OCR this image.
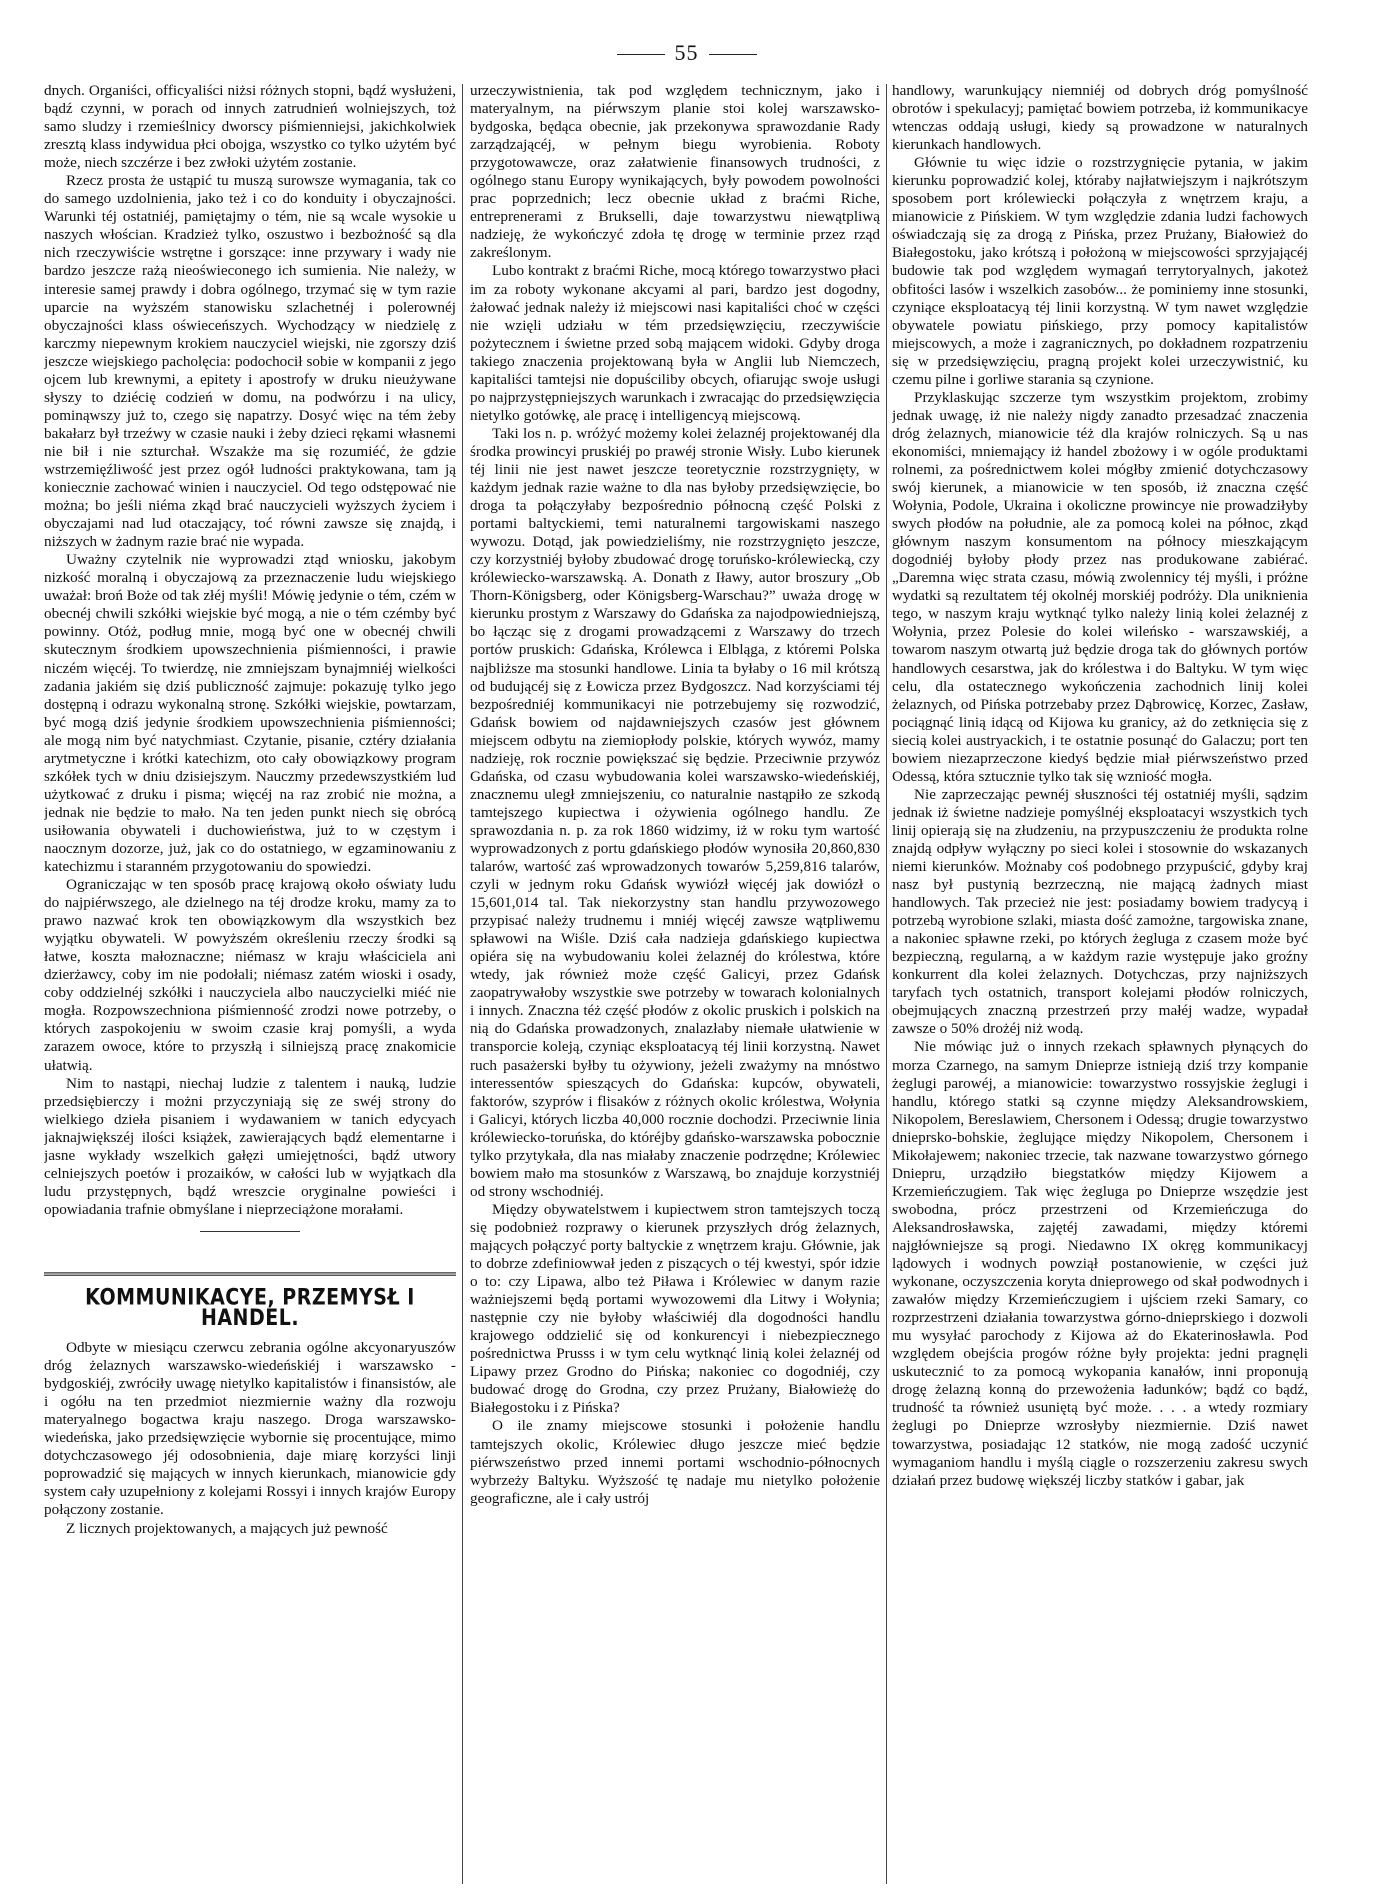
55

dnych. Organiści, officyaliści niżsi różnych stopni, bądź wysłużeni, bądź czynni, w porach od innych zatrudnień wolniejszych, toż samo sludzy i rzemieślnicy dworscy piśmienniejsi, jakichkolwiek zresztą klass indywidua płci obojga, wszystko co tylko użytém być może, niech szczérze i bez zwłoki użytém zostanie.

Rzecz prosta że ustąpić tu muszą surowsze wymagania, tak co do samego uzdolnienia, jako też i co do konduity i obyczajności. Warunki téj ostatniéj, pamiętajmy o tém, nie są wcale wysokie u naszych włościan. Kradzież tylko, oszustwo i bezbożność są dla nich rzeczywiście wstrętne i gorszące: inne przywary i wady nie bardzo jeszcze rażą nieoświeconego ich sumienia. Nie należy, w interesie samej prawdy i dobra ogólnego, trzymać się w tym razie uparcie na wyższém stanowisku szlachetnéj i polerownéj obyczajności klass oświeceńszych. Wychodzący w niedzielę z karczmy niepewnym krokiem nauczyciel wiejski, nie zgorszy dziś jeszcze wiejskiego pacholęcia: podochocił sobie w kompanii z jego ojcem lub krewnymi, a epitety i apostrofy w druku nieużywane słyszy to dziécię codzień w domu, na podwórzu i na ulicy, pominąwszy już to, czego się napatrzy. Dosyć więc na tém żeby bakałarz był trzeźwy w czasie nauki i żeby dzieci rękami własnemi nie bił i nie szturchał. Wszakże ma się rozumiéć, że gdzie wstrzemięźliwość jest przez ogół ludności praktykowana, tam ją koniecznie zachować winien i nauczyciel. Od tego odstępować nie można; bo jeśli niéma zkąd brać nauczycieli wyższych życiem i obyczajami nad lud otaczający, toć równi zawsze się znajdą, i niższych w żadnym razie brać nie wypada.

Uważny czytelnik nie wyprowadzi ztąd wniosku, jakobym nizkość moralną i obyczajową za przeznaczenie ludu wiejskiego uważał: broń Boże od tak złéj myśli! Mówię jedynie o tém, czém w obecnéj chwili szkółki wiejskie być mogą, a nie o tém czémby być powinny. Otóż, podług mnie, mogą być one w obecnéj chwili skutecznym środkiem upowszechnienia piśmienności, i prawie niczém więcéj. To twierdzę, nie zmniejszam bynajmniéj wielkości zadania jakiém się dziś publiczność zajmuje: pokazuję tylko jego dostępną i odrazu wykonalną stronę. Szkółki wiejskie, powtarzam, być mogą dziś jedynie środkiem upowszechnienia piśmienności; ale mogą nim być natychmiast. Czytanie, pisanie, cztéry działania arytmetyczne i krótki katechizm, oto cały obowiązkowy program szkółek tych w dniu dzisiejszym. Nauczmy przedewszystkiém lud użytkować z druku i pisma; więcéj na raz zrobić nie można, a jednak nie będzie to mało. Na ten jeden punkt niech się obrócą usiłowania obywateli i duchowieństwa, już to w częstym i naocznym dozorze, już, jak co do ostatniego, w egzaminowaniu z katechizmu i staranném przygotowaniu do spowiedzi.

Ograniczając w ten sposób pracę krajową około oświaty ludu do najpiérwszego, ale dzielnego na téj drodze kroku, mamy za to prawo nazwać krok ten obowiązkowym dla wszystkich bez wyjątku obywateli. W powyższém określeniu rzeczy środki są łatwe, koszta małoznaczne; niémasz w kraju właściciela ani dzierżawcy, coby im nie podołali; niémasz zatém wioski i osady, coby oddzielnéj szkółki i nauczyciela albo nauczycielki miéć nie mogła. Rozpowszechniona piśmienność zrodzi nowe potrzeby, o których zaspokojeniu w swoim czasie kraj pomyśli, a wyda zarazem owoce, które to przyszłą i silniejszą pracę znakomicie ułatwią.

Nim to nastąpi, niechaj ludzie z talentem i nauką, ludzie przedsiębierczy i możni przyczyniają się ze swéj strony do wielkiego dzieła pisaniem i wydawaniem w tanich edycyach jaknajwiększéj ilości książek, zawierających bądź elementarne i jasne wykłady wszelkich gałęzi umiejętności, bądź utwory celniejszych poetów i prozaików, w całości lub w wyjątkach dla ludu przystępnych, bądź wreszcie oryginalne powieści i opowiadania trafnie obmyślane i nieprzeciążone morałami.

KOMMUNIKACYE, PRZEMYSŁ I HANDEL.

Odbyte w miesiącu czerwcu zebrania ogólne akcyonaryuszów dróg żelaznych warszawsko-wiedeńskiéj i warszawsko - bydgoskiéj, zwróciły uwagę nietylko kapitalistów i finansistów, ale i ogółu na ten przedmiot niezmiernie ważny dla rozwoju materyalnego bogactwa kraju naszego. Droga warszawsko-wiedeńska, jako przedsięwzięcie wybornie się procentujące, mimo dotychczasowego jéj odosobnienia, daje miarę korzyści linji poprowadzić się mających w innych kierunkach, mianowicie gdy system cały uzupełniony z kolejami Rossyi i innych krajów Europy połączony zostanie.

Z licznych projektowanych, a mających już pewność

urzeczywistnienia, tak pod względem technicznym, jako i materyalnym, na piérwszym planie stoi kolej warszawsko-bydgoska, będąca obecnie, jak przekonywa sprawozdanie Rady zarządzającéj, w pełnym biegu wyrobienia. Roboty przygotowawcze, oraz załatwienie finansowych trudności, z ogólnego stanu Europy wynikających, były powodem powolności prac poprzednich; lecz obecnie układ z braćmi Riche, entreprenerami z Brukselli, daje towarzystwu niewątpliwą nadzieję, że wykończyć zdoła tę drogę w terminie przez rząd zakreślonym.

Lubo kontrakt z braćmi Riche, mocą którego towarzystwo płaci im za roboty wykonane akcyami al pari, bardzo jest dogodny, żałować jednak należy iż miejscowi nasi kapitaliści choć w części nie wzięli udziału w tém przedsięwzięciu, rzeczywiście pożytecznem i świetne przed sobą mającem widoki. Gdyby droga takiego znaczenia projektowaną była w Anglii lub Niemczech, kapitaliści tamtejsi nie dopuściliby obcych, ofiarując swoje usługi po najprzystępniejszych warunkach i zwracając do przedsięwzięcia nietylko gotówkę, ale pracę i intelligencyą miejscową.

Taki los n. p. wróżyć możemy kolei żelaznéj projektowanéj dla środka prowincyi pruskiéj po prawéj stronie Wisły. Lubo kierunek téj linii nie jest nawet jeszcze teoretycznie rozstrzygnięty, w każdym jednak razie ważne to dla nas byłoby przedsięwzięcie, bo droga ta połączyłaby bezpośrednio północną część Polski z portami baltyckiemi, temi naturalnemi targowiskami naszego wywozu. Dotąd, jak powiedzieliśmy, nie rozstrzygnięto jeszcze, czy korzystniéj byłoby zbudować drogę toruńsko-królewiecką, czy królewiecko-warszawską. A. Donath z Iławy, autor broszury „Ob Thorn-Königsberg, oder Königsberg-Warschau?” uważa drogę w kierunku prostym z Warszawy do Gdańska za najodpowiedniejszą, bo łącząc się z drogami prowadzącemi z Warszawy do trzech portów pruskich: Gdańska, Królewca i Elbląga, z któremi Polska najbliższe ma stosunki handlowe. Linia ta byłaby o 16 mil krótszą od budującéj się z Łowicza przez Bydgoszcz. Nad korzyściami téj bezpośredniéj kommunikacyi nie potrzebujemy się rozwodzić, Gdańsk bowiem od najdawniejszych czasów jest głównem miejscem odbytu na ziemiopłody polskie, których wywóz, mamy nadzieję, rok rocznie powiększać się będzie. Przeciwnie przywóz Gdańska, od czasu wybudowania kolei warszawsko-wiedeńskiéj, znacznemu uległ zmniejszeniu, co naturalnie nastąpiło ze szkodą tamtejszego kupiectwa i ożywienia ogólnego handlu. Ze sprawozdania n. p. za rok 1860 widzimy, iż w roku tym wartość wyprowadzonych z portu gdańskiego płodów wynosiła 20,860,830 talarów, wartość zaś wprowadzonych towarów 5,259,816 talarów, czyli w jednym roku Gdańsk wywiózł więcéj jak dowiózł o 15,601,014 tal. Tak niekorzystny stan handlu przywozowego przypisać należy trudnemu i mniéj więcéj zawsze wątpliwemu spławowi na Wiśle. Dziś cała nadzieja gdańskiego kupiectwa opiéra się na wybudowaniu kolei żelaznéj do królestwa, które wtedy, jak również może część Galicyi, przez Gdańsk zaopatrywałoby wszystkie swe potrzeby w towarach kolonialnych i innych. Znaczna téż część płodów z okolic pruskich i polskich na nią do Gdańska prowadzonych, znalazłaby niemałe ułatwienie w transporcie koleją, czyniąc eksploatacyą téj linii korzystną. Nawet ruch pasażerski byłby tu ożywiony, jeżeli zważymy na mnóstwo interessentów spieszących do Gdańska: kupców, obywateli, faktorów, szyprów i flisaków z różnych okolic królestwa, Wołynia i Galicyi, których liczba 40,000 rocznie dochodzi. Przeciwnie linia królewiecko-toruńska, do któréjby gdańsko-warszawska pobocznie tylko przytykała, dla nas miałaby znaczenie podrzędne; Królewiec bowiem mało ma stosunków z Warszawą, bo znajduje korzystniéj od strony wschodniéj.

Między obywatelstwem i kupiectwem stron tamtejszych toczą się podobnież rozprawy o kierunek przyszłych dróg żelaznych, mających połączyć porty baltyckie z wnętrzem kraju. Głównie, jak to dobrze zdefiniowwał jeden z piszących o téj kwestyi, spór idzie o to: czy Lipawa, albo też Piława i Królewiec w danym razie ważniejszemi będą portami wywozowemi dla Litwy i Wołynia; następnie czy nie byłoby właściwiéj dla dogodności handlu krajowego oddzielić się od konkurencyi i niebezpiecznego pośrednictwa Prusss i w tym celu wytknąć linią kolei żelaznéj od Lipawy przez Grodno do Pińska; nakoniec co dogodniéj, czy budować drogę do Grodna, czy przez Prużany, Białowieżę do Białegostoku i z Pińska?

O ile znamy miejscowe stosunki i położenie handlu tamtejszych okolic, Królewiec długo jeszcze mieć będzie piérwszeństwo przed innemi portami wschodnio-północnych wybrzeży Baltyku. Wyższość tę nadaje mu nietylko położenie geograficzne, ale i cały ustrój

handlowy, warunkujący niemniéj od dobrych dróg pomyślność obrotów i spekulacyj; pamiętać bowiem potrzeba, iż kommunikacye wtenczas oddają usługi, kiedy są prowadzone w naturalnych kierunkach handlowych.

Głównie tu więc idzie o rozstrzygnięcie pytania, w jakim kierunku poprowadzić kolej, któraby najłatwiejszym i najkrótszym sposobem port królewiecki połączyła z wnętrzem kraju, a mianowicie z Pińskiem. W tym względzie zdania ludzi fachowych oświadczają się za drogą z Pińska, przez Prużany, Białowież do Białegostoku, jako krótszą i położoną w miejscowości sprzyjającéj budowie tak pod względem wymagań terrytoryalnych, jakoteż obfitości lasów i wszelkich zasobów... że pominiemy inne stosunki, czyniące eksploatacyą téj linii korzystną. W tym nawet względzie obywatele powiatu pińskiego, przy pomocy kapitalistów miejscowych, a może i zagranicznych, po dokładnem rozpatrzeniu się w przedsięwzięciu, pragną projekt kolei urzeczywistnić, ku czemu pilne i gorliwe starania są czynione.

Przyklaskując szczerze tym wszystkim projektom, zrobimy jednak uwagę, iż nie należy nigdy zanadto przesadzać znaczenia dróg żelaznych, mianowicie téż dla krajów rolniczych. Są u nas ekonomiści, mniemający iż handel zbożowy i w ogóle produktami rolnemi, za pośrednictwem kolei mógłby zmienić dotychczasowy swój kierunek, a mianowicie w ten sposób, iż znaczna część Wołynia, Podole, Ukraina i okoliczne prowincye nie prowadziłyby swych płodów na południe, ale za pomocą kolei na północ, zkąd głównym naszym konsumentom na północy mieszkającym dogodniéj byłoby płody przez nas produkowane zabiérać. „Daremna więc strata czasu, mówią zwolennicy téj myśli, i próżne wydatki są rezultatem téj okolnéj morskiéj podróży. Dla uniknienia tego, w naszym kraju wytknąć tylko należy linią kolei żelaznéj z Wołynia, przez Polesie do kolei wileńsko - warszawskiéj, a towarom naszym otwartą już będzie droga tak do głównych portów handlowych cesarstwa, jak do królestwa i do Baltyku. W tym więc celu, dla ostatecznego wykończenia zachodnich linij kolei żelaznych, od Pińska potrzebaby przez Dąbrowicę, Korzec, Zasław, pociągnąć linią idącą od Kijowa ku granicy, aż do zetknięcia się z siecią kolei austryackich, i te ostatnie posunąć do Galaczu; port ten bowiem niezaprzeczone kiedyś będzie miał piérwszeństwo przed Odessą, która sztucznie tylko tak się wzniość mogła.

Nie zaprzeczając pewnéj słuszności téj ostatniéj myśli, sądzim jednak iż świetne nadzieje pomyślnéj eksploatacyi wszystkich tych linij opierają się na złudzeniu, na przypuszczeniu że produkta rolne znajdą odpływ wyłączny po sieci kolei i stosownie do wskazanych niemi kierunków. Możnaby coś podobnego przypuścić, gdyby kraj nasz był pustynią bezrzeczną, nie mającą żadnych miast handlowych. Tak przecież nie jest: posiadamy bowiem tradycyą i potrzebą wyrobione szlaki, miasta dość zamożne, targowiska znane, a nakoniec spławne rzeki, po których żegluga z czasem może być bezpieczną, regularną, a w każdym razie występuje jako groźny konkurrent dla kolei żelaznych. Dotychczas, przy najniższych taryfach tych ostatnich, transport kolejami płodów rolniczych, obejmujących znaczną przestrzeń przy małéj wadze, wypadał zawsze o 50% drożéj niż wodą.

Nie mówiąc już o innych rzekach spławnych płynących do morza Czarnego, na samym Dnieprze istnieją dziś trzy kompanie żeglugi parowéj, a mianowicie: towarzystwo rossyjskie żeglugi i handlu, którego statki są czynne między Aleksandrowskiem, Nikopolem, Bereslawiem, Chersonem i Odessą; drugie towarzystwo dnieprsko-bohskie, żeglujące między Nikopolem, Chersonem i Mikołajewem; nakoniec trzecie, tak nazwane towarzystwo górnego Dniepru, urządziło biegstatków między Kijowem a Krzemieńczugiem. Tak więc żegluga po Dnieprze wszędzie jest swobodna, prócz przestrzeni od Krzemieńczuga do Aleksandrosławska, zajętéj zawadami, między któremi najgłówniejsze są progi. Niedawno IX okręg kommunikacyj lądowych i wodnych powziął postanowienie, w części już wykonane, oczyszczenia koryta dnieprowego od skał podwodnych i zawałów między Krzemieńczugiem i ujściem rzeki Samary, co rozprzestrzeni działania towarzystwa górno-dnieprskiego i dozwoli mu wysyłać parochody z Kijowa aż do Ekaterinosławla. Pod względem obejścia progów różne były projekta: jedni pragnęli uskutecznić to za pomocą wykopania kanałów, inni proponują drogę żelazną konną do przewożenia ładunków; bądź co bądź, trudność ta również usuniętą być może. . . . a wtedy rozmiary żeglugi po Dnieprze wzrosłyby niezmiernie. Dziś nawet towarzystwa, posiadając 12 statków, nie mogą zadość uczynić wymaganiom handlu i myślą ciągle o rozszerzeniu zakresu swych działań przez budowę większéj liczby statków i gabar, jak
